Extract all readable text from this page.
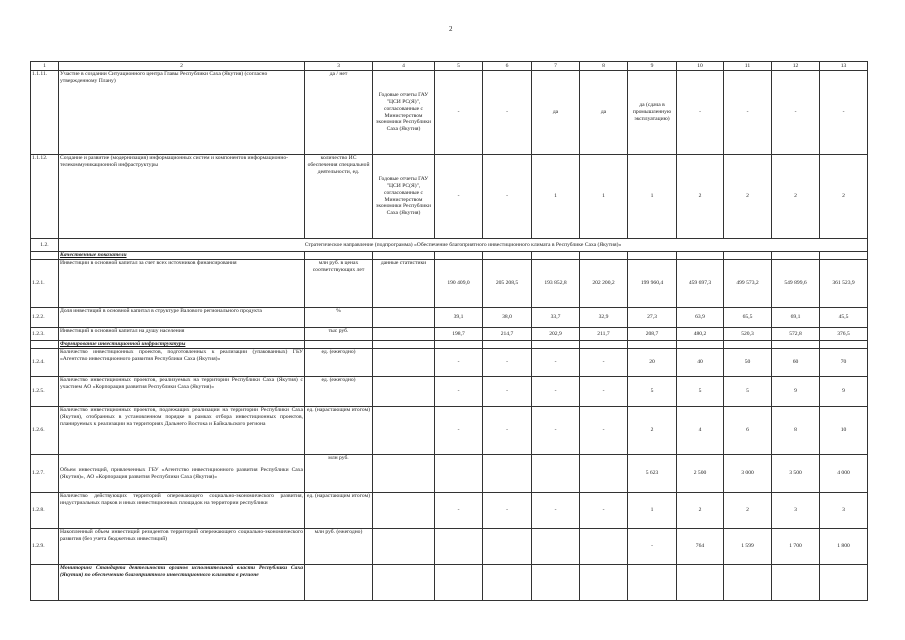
2
1	2	3	4	5	6	7	8	9	10	11	12	13
1.1.11.	Участие в создании Ситуационного центра Главы Республики Саха (Якутия) (согласно утвержденному Плану)	да / нет	Годовые отчеты ГАУ "ЦСИ РС(Я)", согласованные с Министерством экономики Республики Саха (Якутия)	-	-	да	да	да (сдача в промышленную эксплуатацию)	-	-	-	-
1.1.12.	Создание и развитие (модернизация) информационных систем и компонентов информационно-телекоммуникационной инфраструктуры	количество ИС обеспечения специальной деятельности, ед.	Годовые отчеты ГАУ "ЦСИ РС(Я)", согласованные с Министерством экономики Республики Саха (Якутия)	-	-	1	1	1	2	2	2	2
1.2.	Стратегическое направление (подпрограмма) «Обеспечение благоприятного инвестиционного климата в Республике Саха (Якутия)»											
	Качественные показатели											
1.2.1.	Инвестиции в основной капитал за счет всех источников финансирования	млн руб. в ценах соответствующих лет	данные статистики	190 409,0	205 208,5	193 852,8	202 200,2	199 960,4	459 697,3	499 573,2	549 899,6	361 523,9
1.2.2.	Доля инвестиций в основной капитал в структуре Валового регионального продукта	%		39,1	38,0	33,7	32,9	27,3	63,9	65,5	69,1	45,5
1.2.3.	Инвестиций в основной капитал на душу населения	тыс руб.		198,7	214,7	202,9	211,7	208,7	480,2	520,3	572,8	376,5
	Формирование инвестиционной инфраструктуры											
1.2.4.	Количество инвестиционных проектов, подготовленных к реализации (упакованных) ГБУ «Агентство инвестиционного развития Республики Саха (Якутия)»	ед. (ежегодно)		-	-	-	-	20	40	50	60	70
1.2.5.	Количество инвестиционных проектов, реализуемых на территории Республики Саха (Якутия) с участием АО «Корпорация развития Республики Саха (Якутия)»	ед. (ежегодно)		-	-	-	-	5	5	5	9	9
1.2.6.	Количество инвестиционных проектов, подлежащих реализации на территории Республики Саха (Якутия), отобранных в установленном порядке в рамках отбора инвестиционных проектов, планируемых к реализации на территориях Дальнего Востока и Байкальского региона	ед. (нарастающим итогом)		-	-	-	-	2	4	6	8	10
1.2.7.	Объем инвестиций, привлеченных ГБУ «Агентство инвестиционного развития Республики Саха (Якутия)», АО «Корпорация развития Республики Саха (Якутия)»	млн руб.						5 623	2 500	3 000	3 500	4 000
1.2.8.	Количество действующих территорий опережающего социально-экономического развития, индустриальных парков и иных инвестиционных площадок на территории республики	ед. (нарастающим итогом)		-	-	-	-	1	2	2	3	3
1.2.9.	Накопленный объем инвестиций резидентов территорий опережающего социально-экономического развития (без учета бюджетных инвестиций)	млн руб. (ежегодно)						-	764	1 599	1 700	1 800
	Мониторинг Стандарта деятельности органов исполнительной власти Республики Саха (Якутия) по обеспечению благоприятного инвестиционного климата в регионе											
